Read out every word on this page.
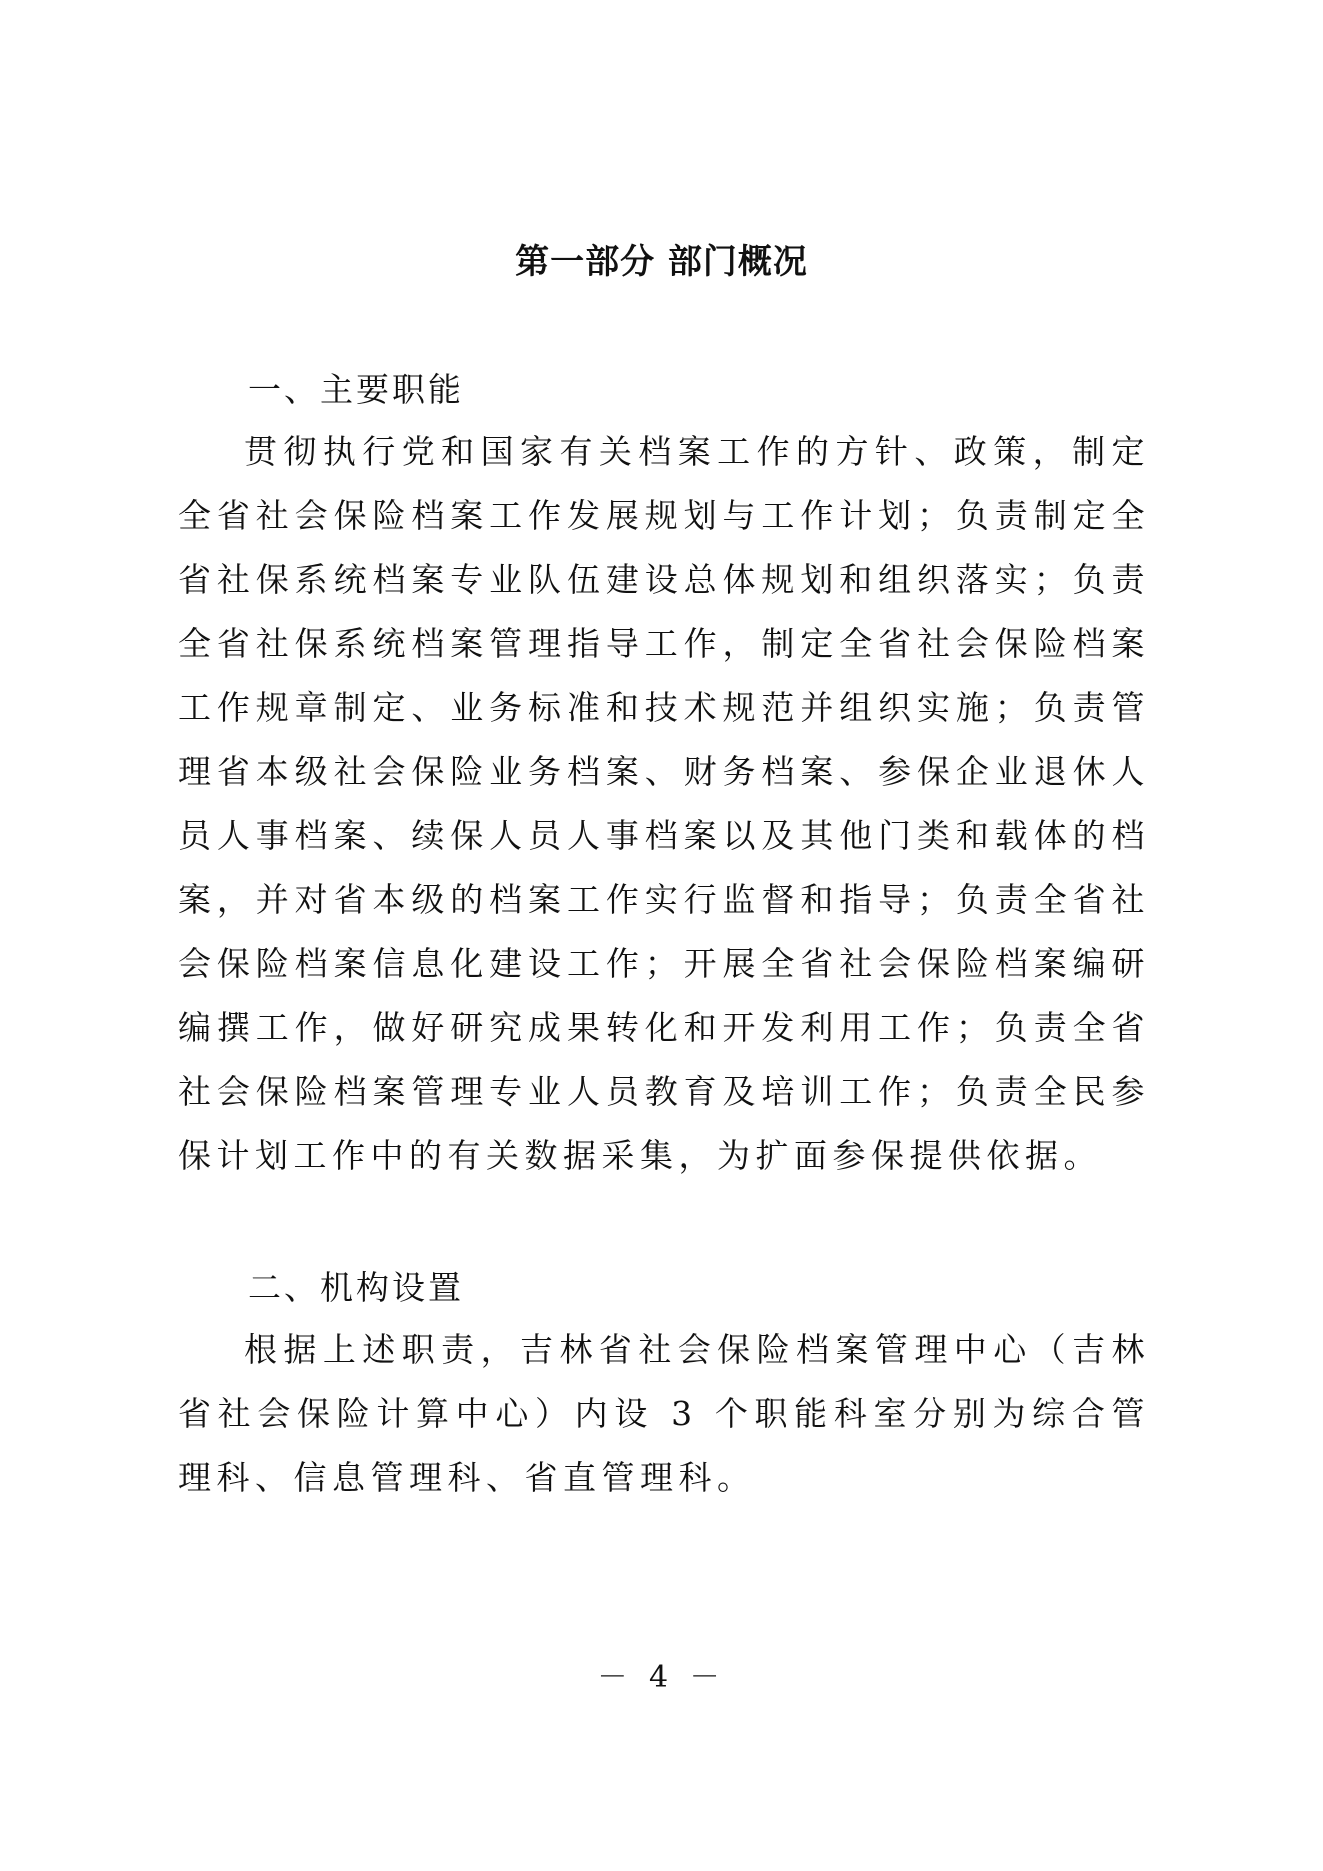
第一部分 部门概况
一、主要职能
贯彻执行党和国家有关档案工作的方针、政策，制定全省社会保险档案工作发展规划与工作计划；负责制定全省社保系统档案专业队伍建设总体规划和组织落实；负责全省社保系统档案管理指导工作，制定全省社会保险档案工作规章制定、业务标准和技术规范并组织实施；负责管理省本级社会保险业务档案、财务档案、参保企业退休人员人事档案、续保人员人事档案以及其他门类和载体的档案，并对省本级的档案工作实行监督和指导；负责全省社会保险档案信息化建设工作；开展全省社会保险档案编研编撰工作，做好研究成果转化和开发利用工作；负责全省社会保险档案管理专业人员教育及培训工作；负责全民参保计划工作中的有关数据采集，为扩面参保提供依据。
二、机构设置
根据上述职责，吉林省社会保险档案管理中心（吉林省社会保险计算中心）内设 3 个职能科室分别为综合管理科、信息管理科、省直管理科。
－ 4 －
